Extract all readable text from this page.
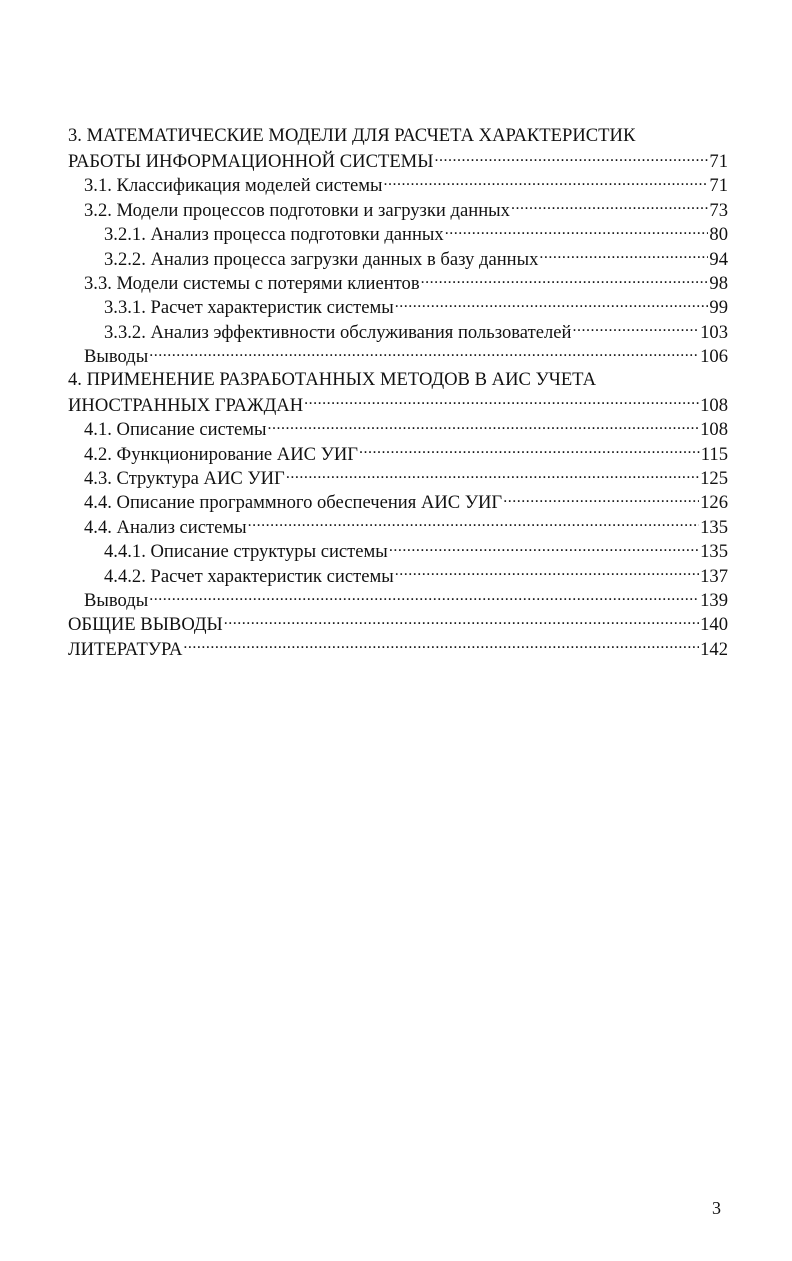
3. МАТЕМАТИЧЕСКИЕ МОДЕЛИ ДЛЯ РАСЧЕТА ХАРАКТЕРИСТИК
РАБОТЫ ИНФОРМАЦИОННОЙ СИСТЕМЫ .....	71
3.1. Классификация моделей системы .....	71
3.2. Модели процессов подготовки и загрузки данных .....	73
3.2.1. Анализ процесса подготовки данных .....	80
3.2.2. Анализ процесса загрузки данных в базу данных .....	94
3.3. Модели системы с потерями клиентов .....	98
3.3.1. Расчет характеристик системы .....	99
3.3.2. Анализ эффективности обслуживания пользователей .....	103
Выводы .....	106
4. ПРИМЕНЕНИЕ РАЗРАБОТАННЫХ МЕТОДОВ В АИС УЧЕТА
ИНОСТРАННЫХ ГРАЖДАН .....	108
4.1. Описание системы .....	108
4.2. Функционирование АИС УИГ .....	115
4.3. Структура АИС УИГ .....	125
4.4. Описание программного обеспечения АИС УИГ .....	126
4.4. Анализ системы .....	135
4.4.1. Описание структуры системы .....	135
4.4.2. Расчет характеристик системы .....	137
Выводы .....	139
ОБЩИЕ ВЫВОДЫ .....	140
ЛИТЕРАТУРА .....	142
3
